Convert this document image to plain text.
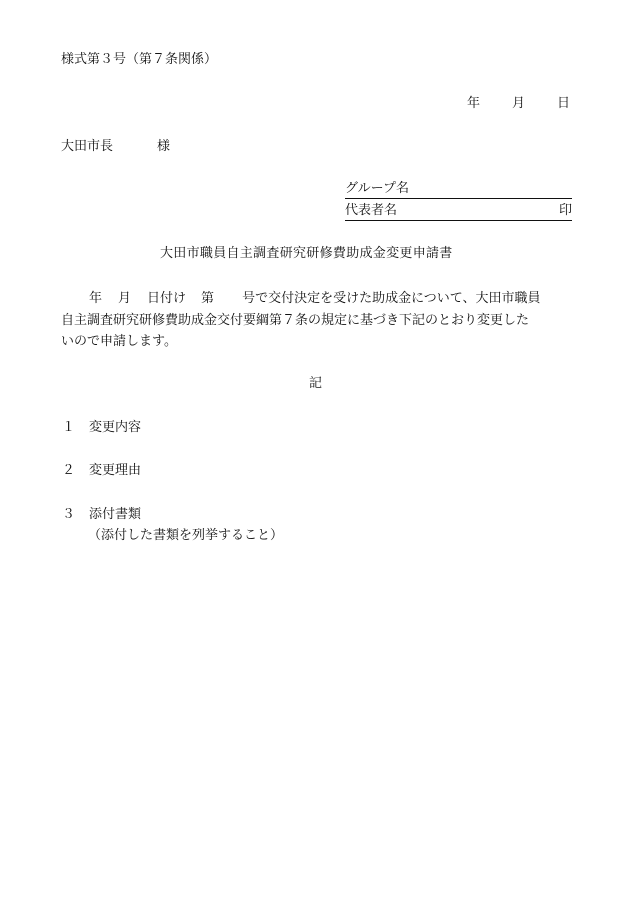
様式第３号（第７条関係）
年 月 日
大田市長	様
グループ名
代表者名	印
大田市職員自主調査研究研修費助成金変更申請書
年 月 日付け 第 号で交付決定を受けた助成金について、大田市職員
自主調査研究研修費助成金交付要綱第７条の規定に基づき下記のとおり変更した
いので申請します。
記
１ 変更内容
２ 変更理由
３ 添付書類
（添付した書類を列挙すること）
